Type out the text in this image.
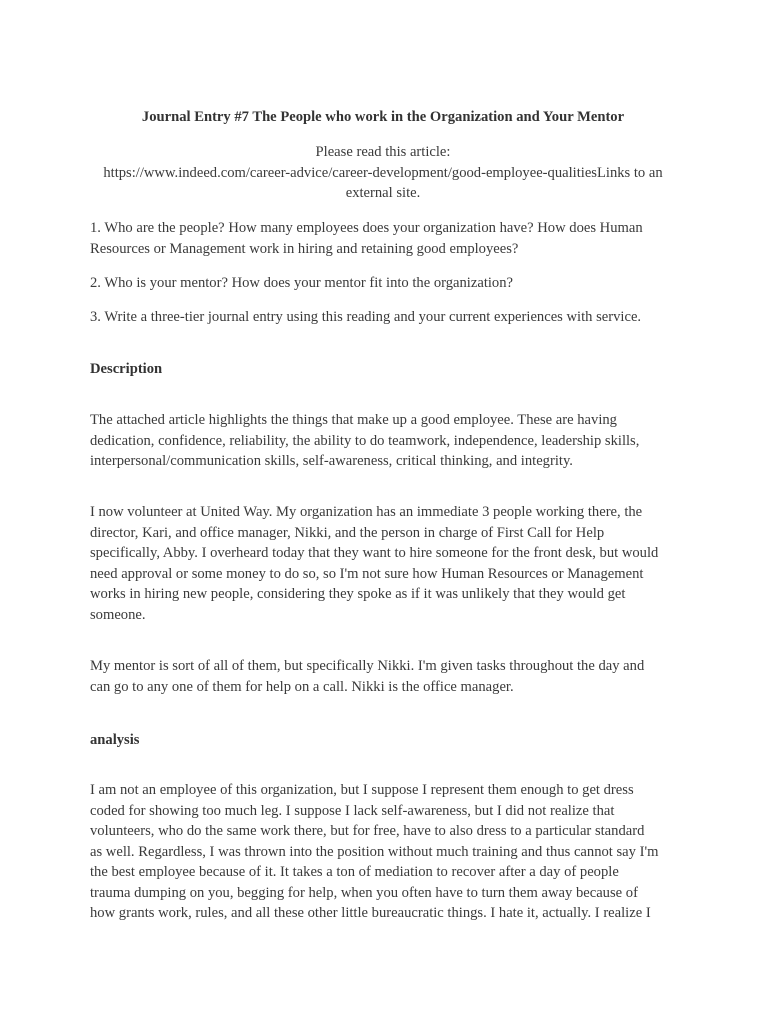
Journal Entry #7 The People who work in the Organization and Your Mentor
Please read this article:
https://www.indeed.com/career-advice/career-development/good-employee-qualitiesLinks to an
external site.
1. Who are the people? How many employees does your organization have? How does Human
Resources or Management work in hiring and retaining good employees?
2. Who is your mentor? How does your mentor fit into the organization?
3. Write a three-tier journal entry using this reading and your current experiences with service.
Description
The attached article highlights the things that make up a good employee. These are having
dedication, confidence, reliability, the ability to do teamwork, independence, leadership skills,
interpersonal/communication skills, self-awareness, critical thinking, and integrity.
I now volunteer at United Way. My organization has an immediate 3 people working there, the
director, Kari, and office manager, Nikki, and the person in charge of First Call for Help
specifically, Abby. I overheard today that they want to hire someone for the front desk, but would
need approval or some money to do so, so I'm not sure how Human Resources or Management
works in hiring new people, considering they spoke as if it was unlikely that they would get
someone.
My mentor is sort of all of them, but specifically Nikki. I'm given tasks throughout the day and
can go to any one of them for help on a call. Nikki is the office manager.
analysis
I am not an employee of this organization, but I suppose I represent them enough to get dress
coded for showing too much leg. I suppose I lack self-awareness, but I did not realize that
volunteers, who do the same work there, but for free, have to also dress to a particular standard
as well. Regardless, I was thrown into the position without much training and thus cannot say I'm
the best employee because of it. It takes a ton of mediation to recover after a day of people
trauma dumping on you, begging for help, when you often have to turn them away because of
how grants work, rules, and all these other little bureaucratic things. I hate it, actually. I realize I
